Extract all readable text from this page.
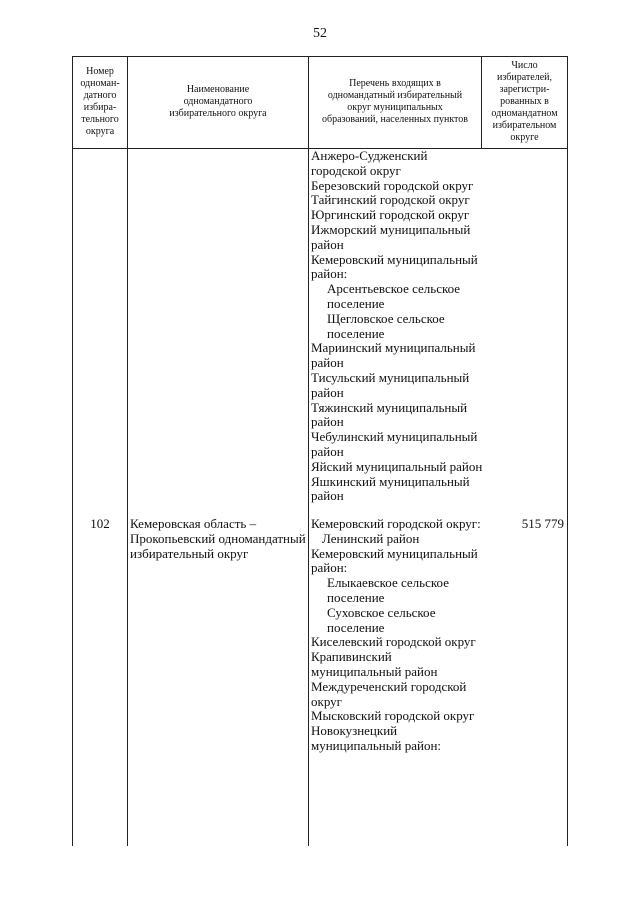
52
Номер
одноман-
датного
избира-
тельного
округа
Наименование
одномандатного
избирательного округа
Перечень входящих в
одномандатный избирательный
округ муниципальных
образований, населенных пунктов
Число
избирателей,
зарегистри-
рованных в
одномандатном
избирательном
округе
Анжеро-Судженский
городской округ
Березовский городской округ
Тайгинский городской округ
Юргинский городской округ
Ижморский муниципальный
район
Кемеровский муниципальный
район:
Арсентьевское сельское
поселение
Щегловское сельское
поселение
Мариинский муниципальный
район
Тисульский муниципальный
район
Тяжинский муниципальный
район
Чебулинский муниципальный
район
Яйский муниципальный район
Яшкинский муниципальный
район
102	Кемеровская область –
Прокопьевский одномандатный
избирательный округ
Кемеровский городской округ:
Ленинский район
Кемеровский муниципальный
район:
Елыкаевское сельское
поселение
Суховское сельское
поселение
Киселевский городской округ
Крапивинский
муниципальный район
Междуреченский городской
округ
Мысковский городской округ
Новокузнецкий
муниципальный район:
515 779
